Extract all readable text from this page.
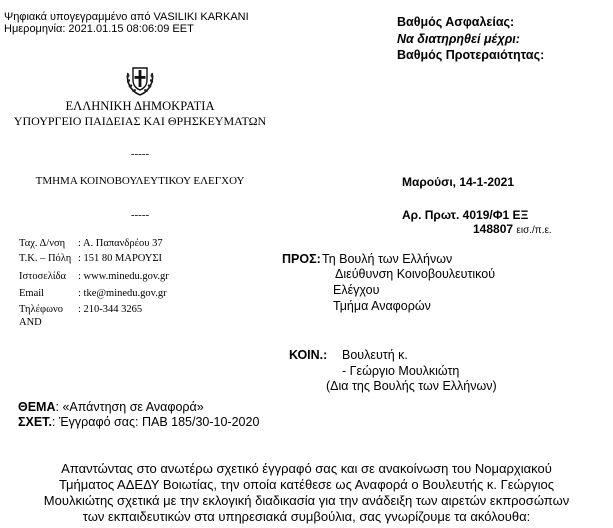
Ψηφιακά υπογεγραμμένο από VASILIKI KARKANI
Ημερομηνία: 2021.01.15 08:06:09 ΕΕΤ	Βαθμός Ασφαλείας:
Να διατηρηθεί μέχρι:
Βαθμός Προτεραιότητας:
ΕΛΛΗΝΙΚΗ ΔΗΜΟΚΡΑΤΙΑ
ΥΠΟΥΡΓΕΙΟ ΠΑΙΔΕΙΑΣ ΚΑΙ ΘΡΗΣΚΕΥΜΑΤΩΝ
-----
ΤΜΗΜΑ ΚΟΙΝΟΒΟΥΛΕΥΤΙΚΟΥ ΕΛΕΓΧΟΥ
-----
Μαρούσι, 14-1-2021
Αρ. Πρωτ. 4019/Φ1 ΕΞ
148807 εισ./π.ε.
Ταχ. Δ/νση : Α. Παπανδρέου 37
Τ.Κ. – Πόλη : 151 80 ΜΑΡΟΥΣΙ
Ιστοσελίδα : www.minedu.gov.gr
Email	: tke@minedu.gov.gr
Τηλέφωνο : 210-344 3265
AND
ΠΡΟΣ: Τη Βουλή των Ελλήνων
Διεύθυνση Κοινοβουλευτικού
Ελέγχου
Τμήμα Αναφορών
ΚΟΙΝ.: Βουλευτή κ.
- Γεώργιο Μουλκιώτη
(Δια της Βουλής των Ελλήνων)
ΘΕΜΑ: «Απάντηση σε Αναφορά»
ΣΧΕΤ.: Έγγραφό σας: ΠΑΒ 185/30-10-2020
Απαντώντας στο ανωτέρω σχετικό έγγραφό σας και σε ανακοίνωση του Νομαρχιακού
Τμήματος ΑΔΕΔΥ Βοιωτίας, την οποία κατέθεσε ως Αναφορά ο Βουλευτής κ. Γεώργιος
Μουλκιώτης σχετικά με την εκλογική διαδικασία για την ανάδειξη των αιρετών εκπροσώπων
των εκπαιδευτικών στα υπηρεσιακά συμβούλια, σας γνωρίζουμε τα ακόλουθα:
